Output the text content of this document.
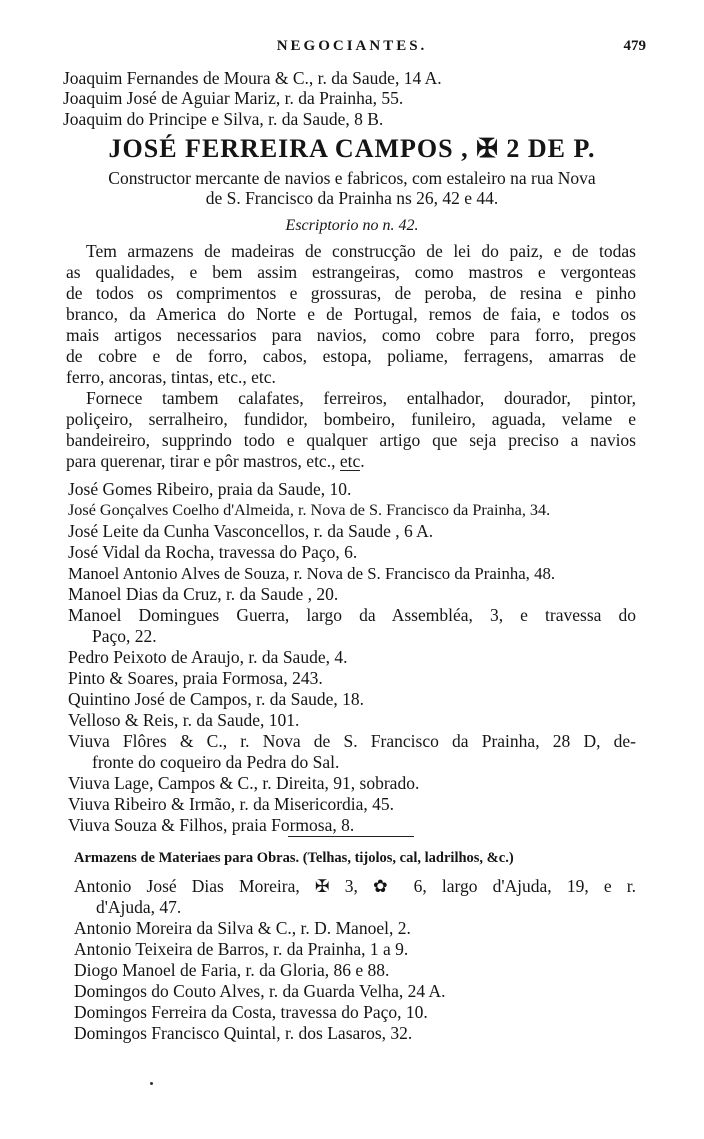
NEGOCIANTES.	479
Joaquim Fernandes de Moura & C., r. da Saude, 14 A.
Joaquim José de Aguiar Mariz, r. da Prainha, 55.
Joaquim do Principe e Silva, r. da Saude, 8 B.
JOSÉ FERREIRA CAMPOS , ✠ 2 DE P.
Constructor mercante de navios e fabricos, com estaleiro na rua Nova
de S. Francisco da Prainha ns 26, 42 e 44.
Escriptorio no n. 42.
Tem armazens de madeiras de construcção de lei do paiz, e de todas
as qualidades, e bem assim estrangeiras, como mastros e vergonteas
de todos os comprimentos e grossuras, de peroba, de resina e pinho
branco, da America do Norte e de Portugal, remos de faia, e todos os
mais artigos necessarios para navios, como cobre para forro, pregos
de cobre e de forro, cabos, estopa, poliame, ferragens, amarras de
ferro, ancoras, tintas, etc., etc.
Fornece tambem calafates, ferreiros, entalhador, dourador, pintor,
poliçeiro, serralheiro, fundidor, bombeiro, funileiro, aguada, velame e
bandeireiro, supprindo todo e qualquer artigo que seja preciso a navios
para querenar, tirar e pôr mastros, etc., etc.
José Gomes Ribeiro, praia da Saude, 10.
José Gonçalves Coelho d'Almeida, r. Nova de S. Francisco da Prainha, 34.
José Leite da Cunha Vasconcellos, r. da Saude , 6 A.
José Vidal da Rocha, travessa do Paço, 6.
Manoel Antonio Alves de Souza, r. Nova de S. Francisco da Prainha, 48.
Manoel Dias da Cruz, r. da Saude , 20.
Manoel Domingues Guerra, largo da Assembléa, 3, e travessa do
Paço, 22.
Pedro Peixoto de Araujo, r. da Saude, 4.
Pinto & Soares, praia Formosa, 243.
Quintino José de Campos, r. da Saude, 18.
Velloso & Reis, r. da Saude, 101.
Viuva Flôres & C., r. Nova de S. Francisco da Prainha, 28 D, de-
fronte do coqueiro da Pedra do Sal.
Viuva Lage, Campos & C., r. Direita, 91, sobrado.
Viuva Ribeiro & Irmão, r. da Misericordia, 45.
Viuva Souza & Filhos, praia Formosa, 8.
Armazens de Materiaes para Obras. (Telhas, tijolos, cal, ladrilhos, &c.)
Antonio José Dias Moreira, ✠ 3, ✿ 6, largo d'Ajuda, 19, e r.
d'Ajuda, 47.
Antonio Moreira da Silva & C., r. D. Manoel, 2.
Antonio Teixeira de Barros, r. da Prainha, 1 a 9.
Diogo Manoel de Faria, r. da Gloria, 86 e 88.
Domingos do Couto Alves, r. da Guarda Velha, 24 A.
Domingos Ferreira da Costa, travessa do Paço, 10.
Domingos Francisco Quintal, r. dos Lasaros, 32.
